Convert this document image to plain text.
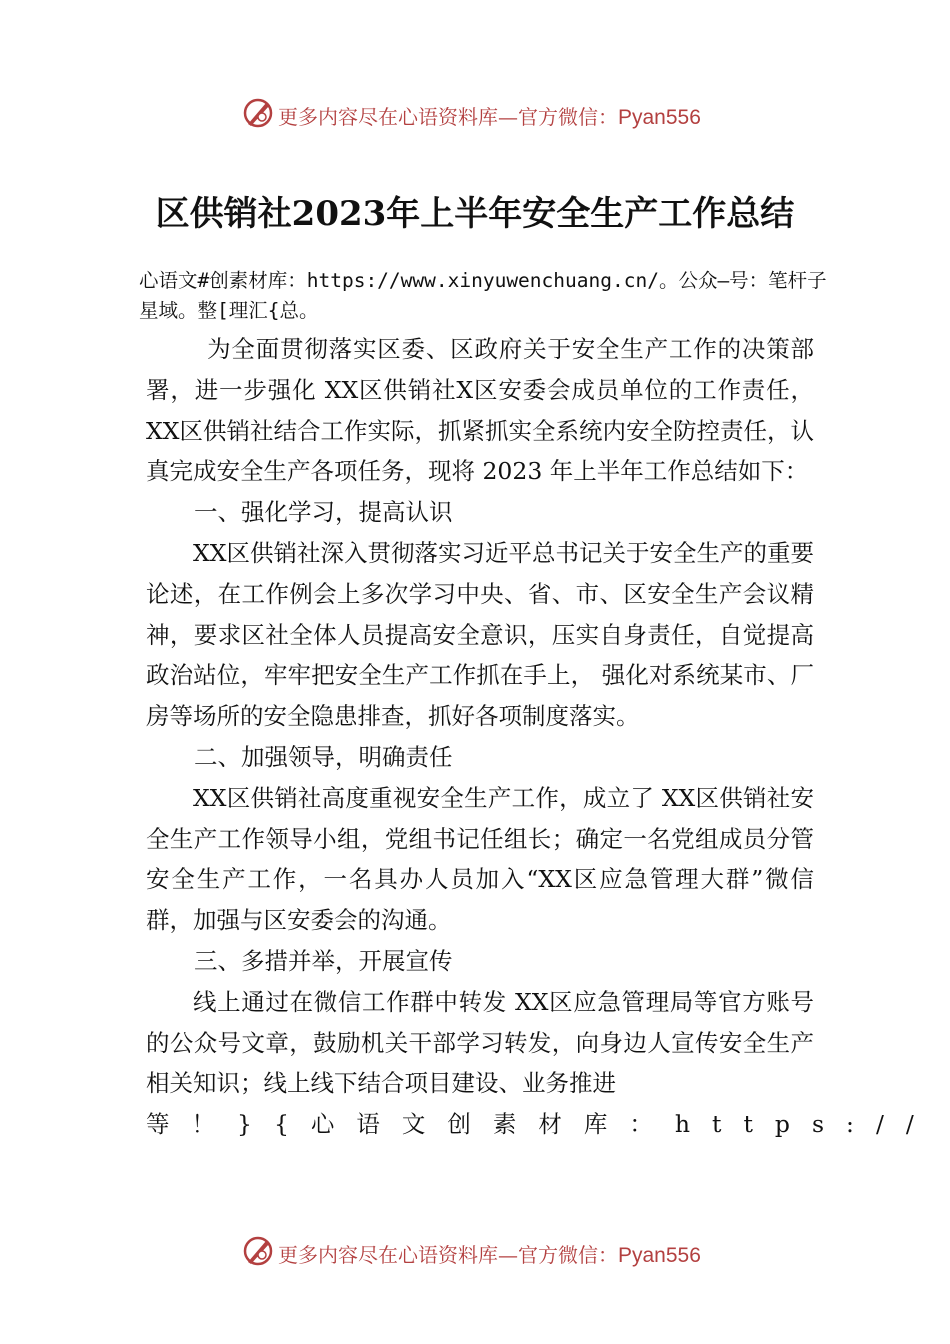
更多内容尽在心语资料库—官方微信：Pyan556
区供销社2023年上半年安全生产工作总结
心语文#创素材库：https://www.xinyuwenchuang.cn/。公众—号：笔杆子星域。整[理汇{总。

为全面贯彻落实区委、区政府关于安全生产工作的决策部署，进一步强化 XX区供销社X区安委会成员单位的工作责任，XX区供销社结合工作实际，抓紧抓实全系统内安全防控责任，认真完成安全生产各项任务，现将 2023 年上半年工作总结如下：

一、强化学习，提高认识

XX区供销社深入贯彻落实习近平总书记关于安全生产的重要论述，在工作例会上多次学习中央、省、市、区安全生产会议精神，要求区社全体人员提高安全意识，压实自身责任，自觉提高政治站位，牢牢把安全生产工作抓在手上， 强化对系统某市、厂房等场所的安全隐患排查，抓好各项制度落实。

二、加强领导，明确责任

XX区供销社高度重视安全生产工作，成立了 XX区供销社安全生产工作领导小组，党组书记任组长；确定一名党组成员分管安全生产工作，一名具办人员加入“XX区应急管理大群”微信群，加强与区安委会的沟通。

三、多措并举，开展宣传

线上通过在微信工作群中转发 XX区应急管理局等官方账号的公众号文章，鼓励机关干部学习转发，向身边人宣传安全生产相关知识；线上线下结合项目建设、业务推进

等！}{心语文创素材库：https://

更多内容尽在心语资料库—官方微信：Pyan556
